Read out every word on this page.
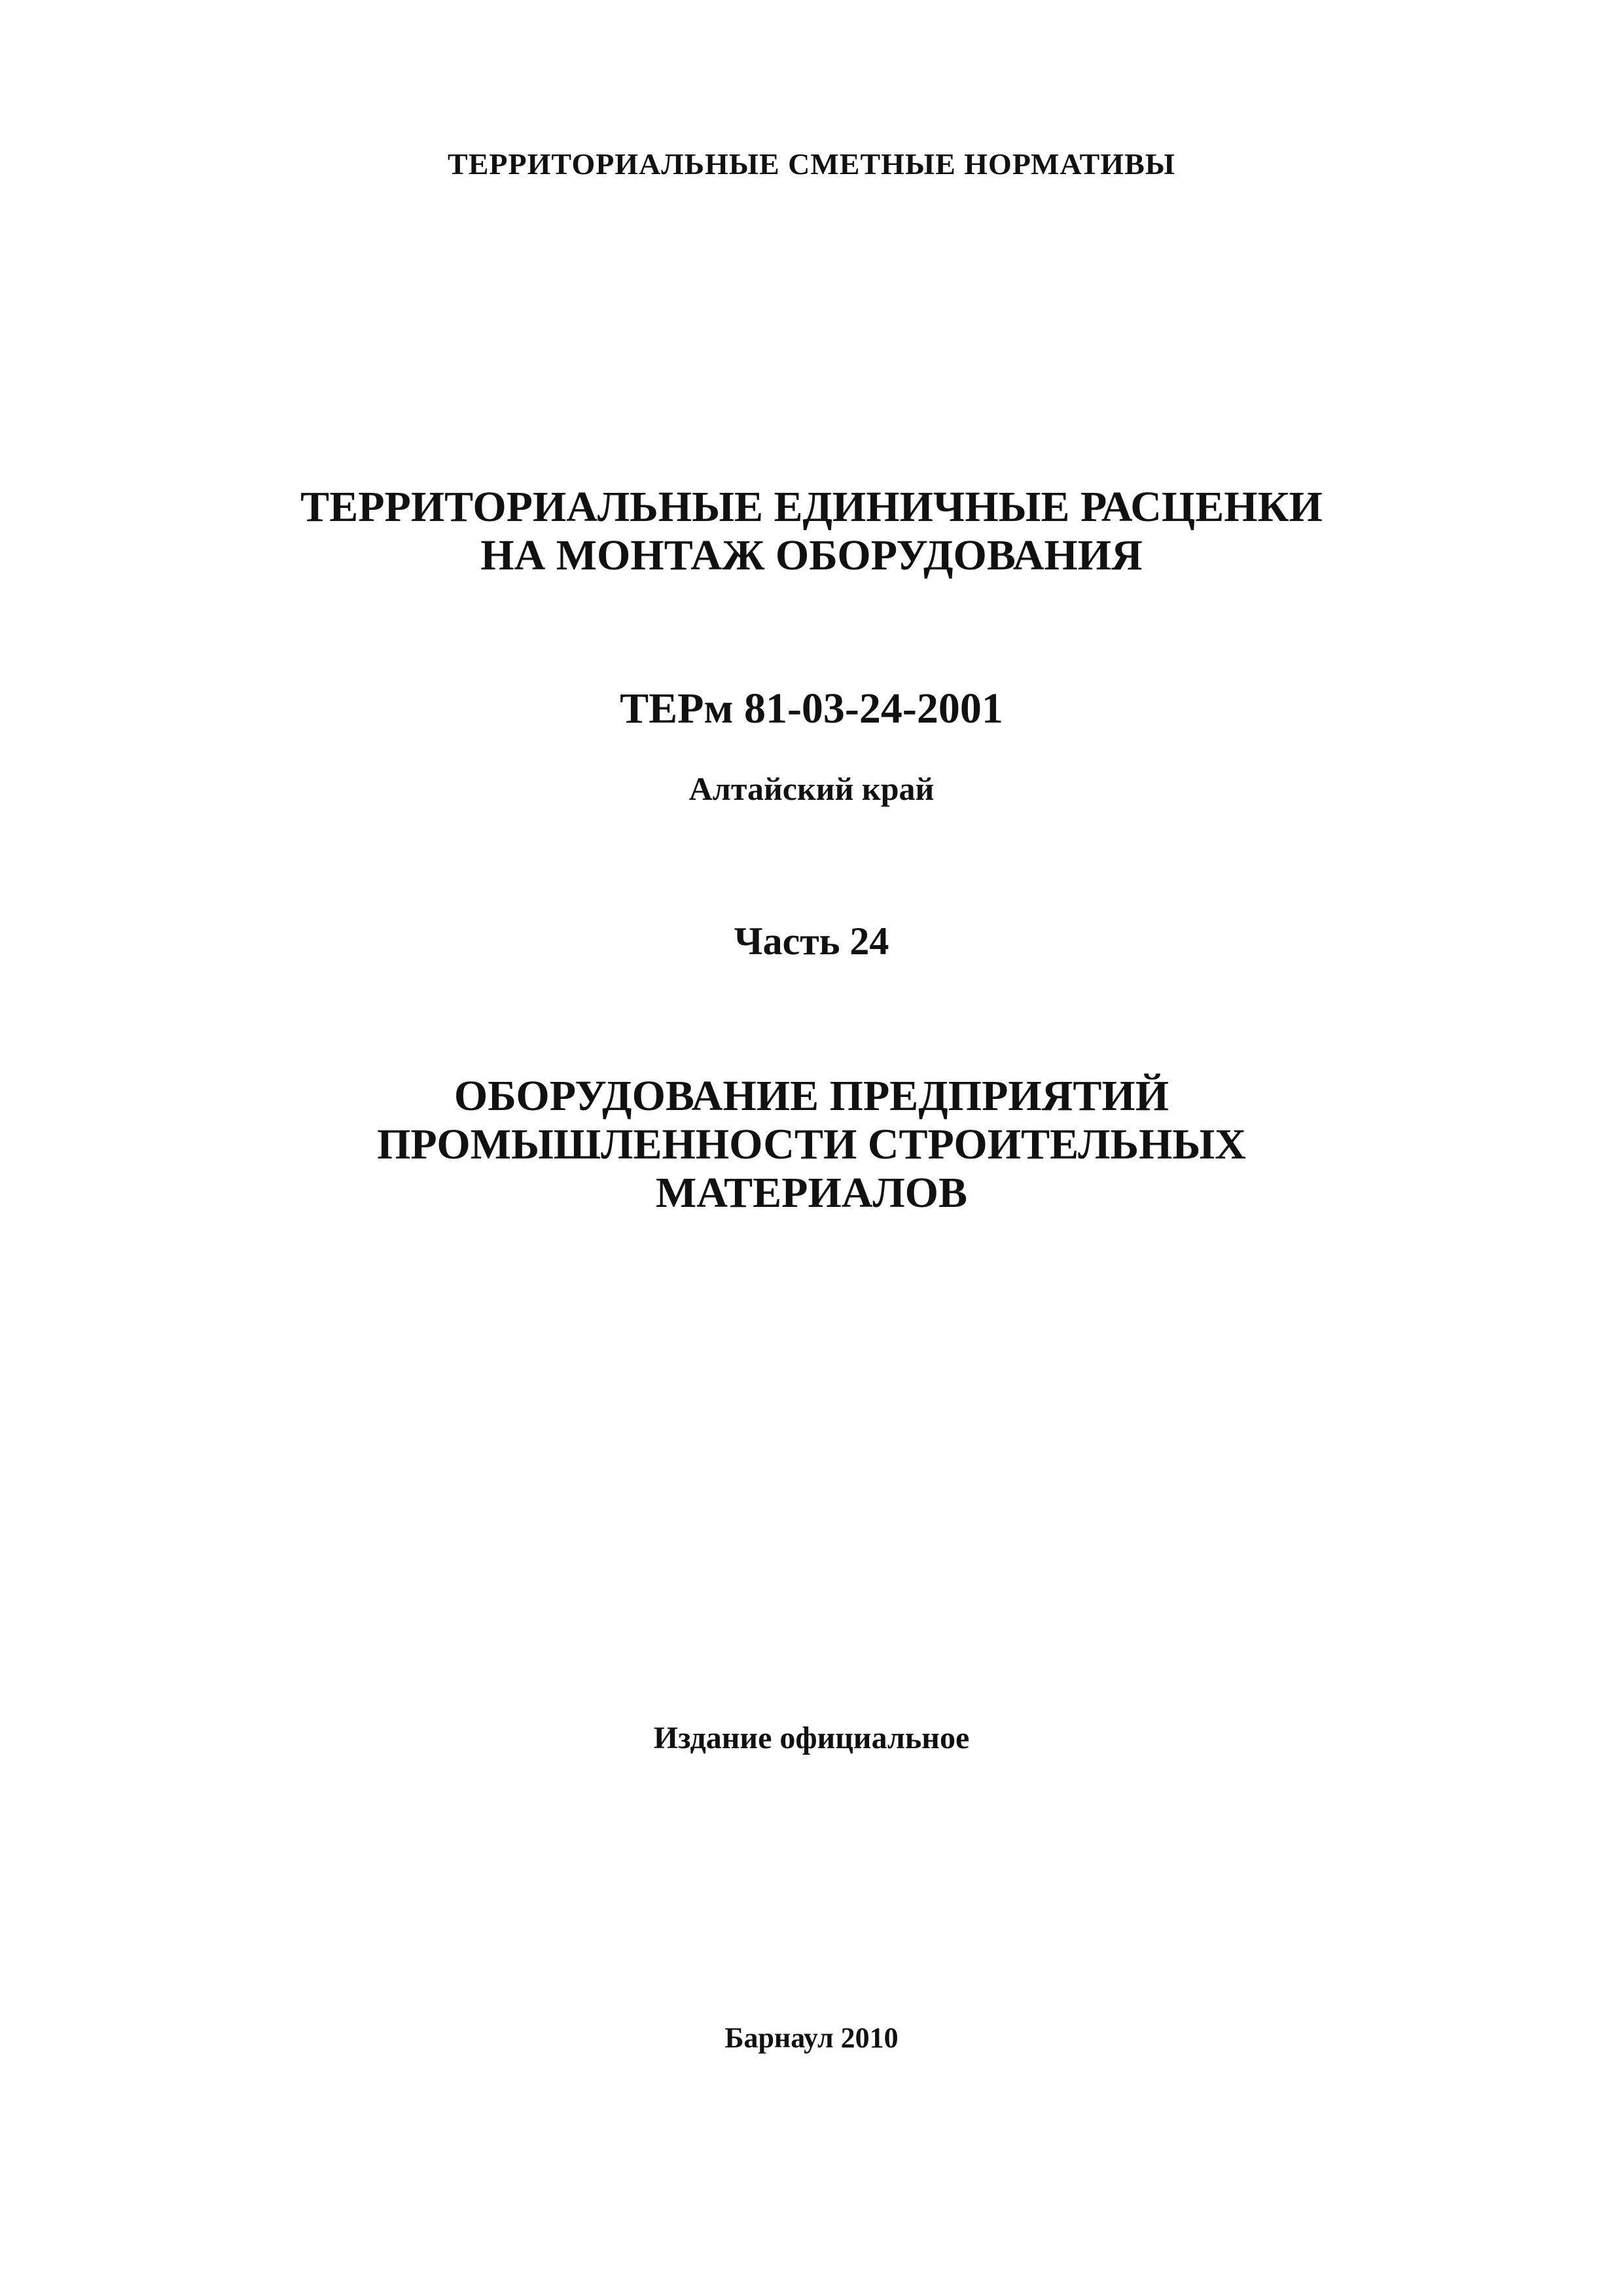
ТЕРРИТОРИАЛЬНЫЕ СМЕТНЫЕ НОРМАТИВЫ
ТЕРРИТОРИАЛЬНЫЕ ЕДИНИЧНЫЕ РАСЦЕНКИ
НА МОНТАЖ ОБОРУДОВАНИЯ
ТЕРм 81-03-24-2001
Алтайский край
Часть 24
ОБОРУДОВАНИЕ ПРЕДПРИЯТИЙ
ПРОМЫШЛЕННОСТИ СТРОИТЕЛЬНЫХ
МАТЕРИАЛОВ
Издание официальное
Барнаул 2010
